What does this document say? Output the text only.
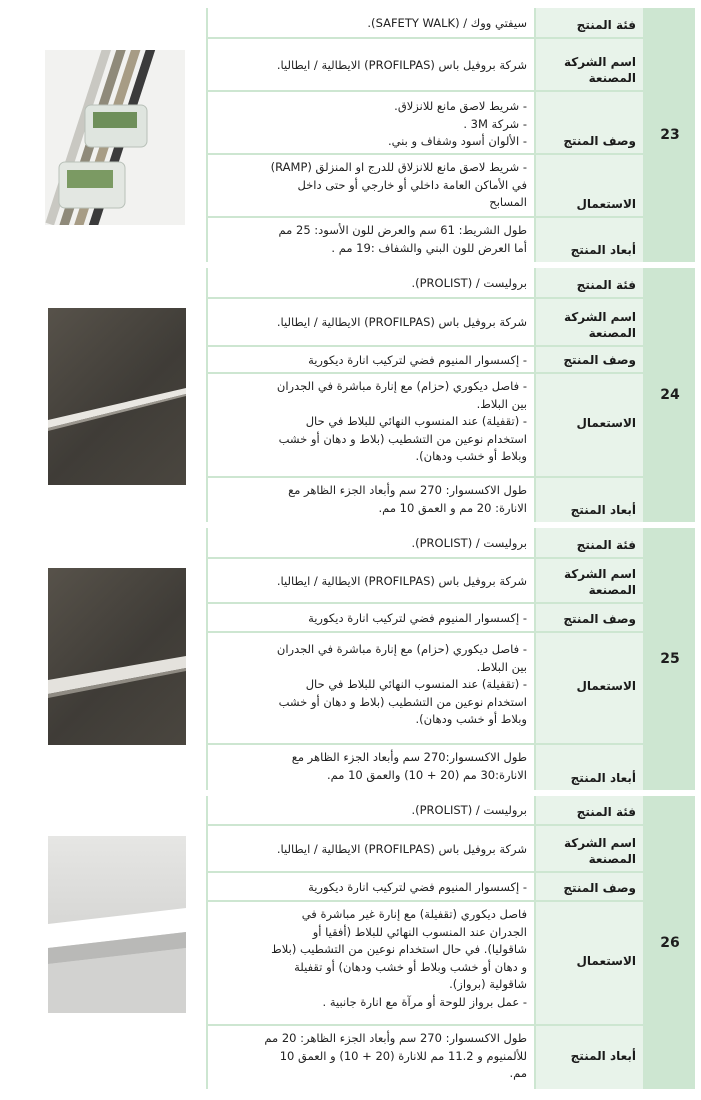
سيفتي ووك / (SAFETY WALK).	فئة المنتج
شركة بروفيل باس (PROFILPAS) الايطالية / ايطاليا.	اسم الشركة المصنعة
- شريط لاصق مانع للانزلاق.
- شركة 3M .
- الألوان أسود وشفاف و بني.	وصف المنتج
- شريط لاصق مانع للانزلاق للدرج او المنزلق (RAMP)
في الأماكن العامة داخلي أو خارجي أو حتى داخل
المسابح	الاستعمال
طول الشريط: 61 سم والعرض للون الأسود: 25 مم
أما العرض للون البني والشفاف :19 مم .	أبعاد المنتج
23
بروليست / (PROLIST).	فئة المنتج
شركة بروفيل باس (PROFILPAS) الايطالية / ايطاليا.	اسم الشركة المصنعة
- إكسسوار المنيوم فضي لتركيب انارة ديكورية	وصف المنتج
- فاصل ديكوري (حزام) مع إنارة مباشرة في الجدران
بين البلاط.
- (تقفيلة) عند المنسوب النهائي للبلاط في حال
استخدام نوعين من التشطيب (بلاط و دهان أو خشب
وبلاط أو خشب ودهان).
الاستعمال
طول الاكسسوار: 270 سم وأبعاد الجزء الظاهر مع
الانارة: 20 مم و العمق 10 مم.	أبعاد المنتج
24
بروليست / (PROLIST).	فئة المنتج
شركة بروفيل باس (PROFILPAS) الايطالية / ايطاليا.	اسم الشركة المصنعة
- إكسسوار المنيوم فضي لتركيب انارة ديكورية	وصف المنتج
- فاصل ديكوري (حزام) مع إنارة مباشرة في الجدران
بين البلاط.
- (تقفيلة) عند المنسوب النهائي للبلاط في حال
استخدام نوعين من التشطيب (بلاط و دهان أو خشب
وبلاط أو خشب ودهان).
الاستعمال
طول الاكسسوار:270 سم وأبعاد الجزء الظاهر مع
الانارة:30 مم (20 + 10) والعمق 10 مم.	أبعاد المنتج
25
بروليست / (PROLIST).	فئة المنتج
شركة بروفيل باس (PROFILPAS) الايطالية / ايطاليا.	اسم الشركة المصنعة
- إكسسوار المنيوم فضي لتركيب انارة ديكورية	وصف المنتج
فاصل ديكوري (تقفيلة) مع إنارة غير مباشرة في
الجدران عند المنسوب النهائي للبلاط (أفقيا أو
شاقوليا). في حال استخدام نوعين من التشطيب (بلاط
و دهان أو خشب وبلاط أو خشب ودهان) أو تقفيلة
شاقولية (برواز).
- عمل برواز للوحة أو مرآة مع انارة جانبية .
الاستعمال
طول الاكسسوار: 270 سم وأبعاد الجزء الظاهر: 20 مم
للألمنيوم و 11.2 مم للانارة (20 + 10) و العمق 10
مم.
أبعاد المنتج
26
